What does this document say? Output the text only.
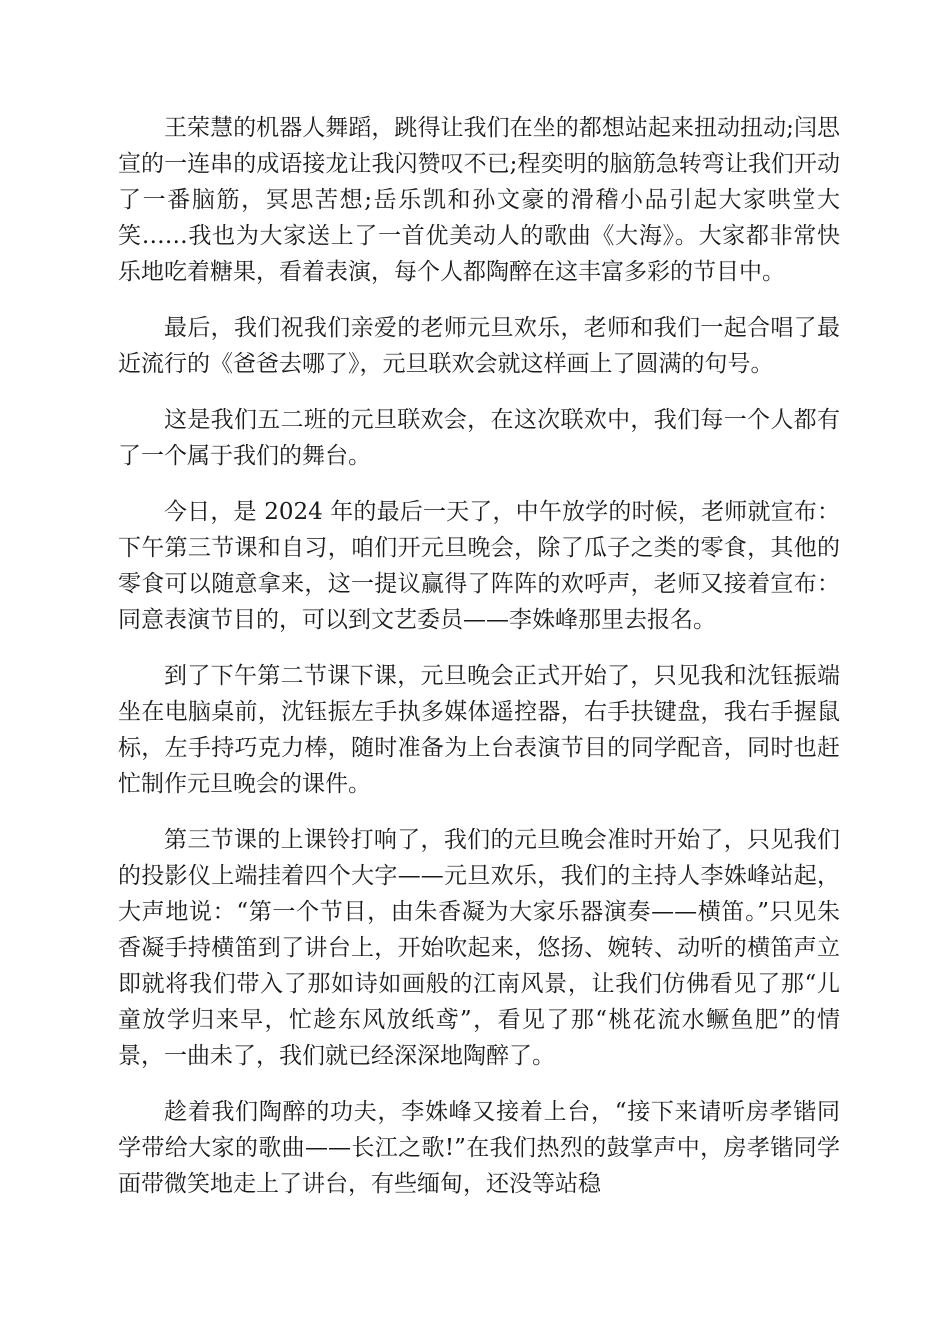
王荣慧的机器人舞蹈，跳得让我们在坐的都想站起来扭动扭动;闫思宣的一连串的成语接龙让我闪赞叹不已;程奕明的脑筋急转弯让我们开动了一番脑筋，冥思苦想;岳乐凯和孙文豪的滑稽小品引起大家哄堂大笑……我也为大家送上了一首优美动人的歌曲《大海》。大家都非常快乐地吃着糖果，看着表演，每个人都陶醉在这丰富多彩的节目中。

最后，我们祝我们亲爱的老师元旦欢乐，老师和我们一起合唱了最近流行的《爸爸去哪了》，元旦联欢会就这样画上了圆满的句号。

这是我们五二班的元旦联欢会，在这次联欢中，我们每一个人都有了一个属于我们的舞台。

今日，是 2024 年的最后一天了，中午放学的时候，老师就宣布：下午第三节课和自习，咱们开元旦晚会，除了瓜子之类的零食，其他的零食可以随意拿来，这一提议赢得了阵阵的欢呼声，老师又接着宣布：同意表演节目的，可以到文艺委员——李姝峰那里去报名。

到了下午第二节课下课，元旦晚会正式开始了，只见我和沈钰振端坐在电脑桌前，沈钰振左手执多媒体遥控器，右手扶键盘，我右手握鼠标，左手持巧克力棒，随时准备为上台表演节目的同学配音，同时也赶忙制作元旦晚会的课件。

第三节课的上课铃打响了，我们的元旦晚会准时开始了，只见我们的投影仪上端挂着四个大字——元旦欢乐，我们的主持人李姝峰站起，大声地说：“第一个节目，由朱香凝为大家乐器演奏——横笛。”只见朱香凝手持横笛到了讲台上，开始吹起来，悠扬、婉转、动听的横笛声立即就将我们带入了那如诗如画般的江南风景，让我们仿佛看见了那“儿童放学归来早，忙趁东风放纸鸢”，看见了那“桃花流水鳜鱼肥”的情景，一曲未了，我们就已经深深地陶醉了。

趁着我们陶醉的功夫，李姝峰又接着上台，“接下来请听房孝锴同学带给大家的歌曲——长江之歌!”在我们热烈的鼓掌声中，房孝锴同学面带微笑地走上了讲台，有些缅甸，还没等站稳
